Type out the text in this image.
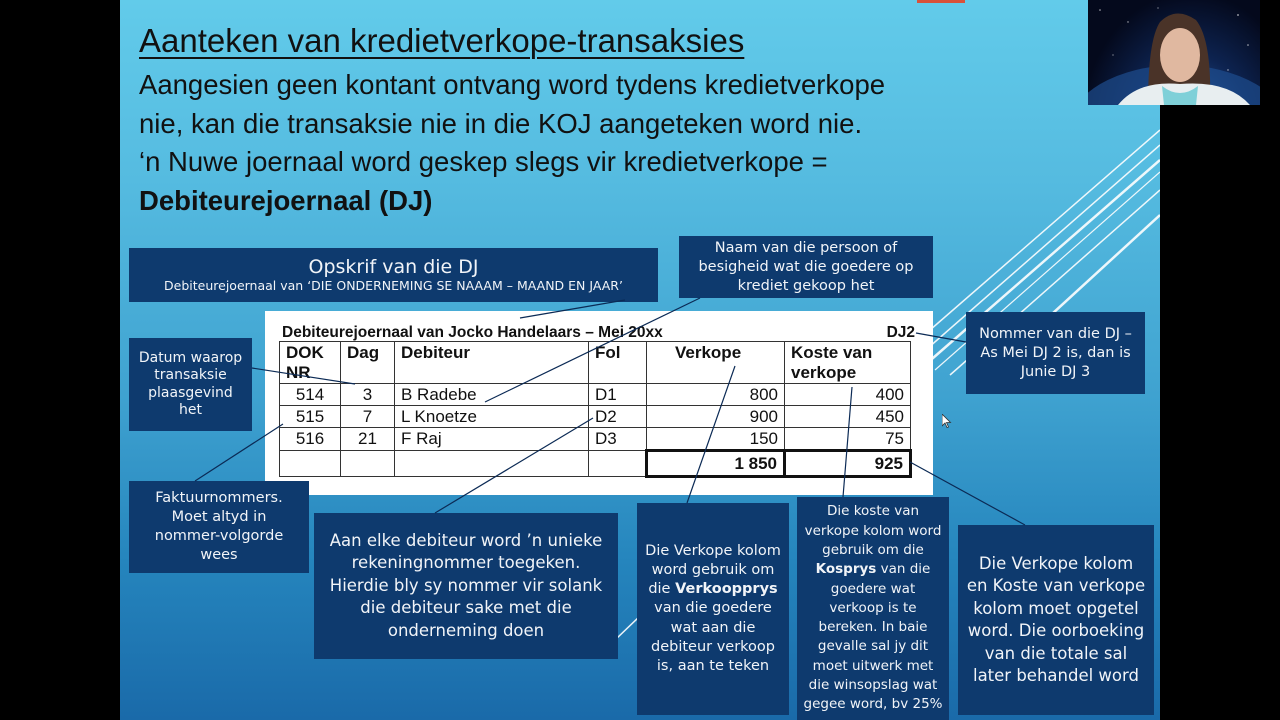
Aanteken van kredietverkope-transaksies
Aangesien geen kontant ontvang word tydens kredietverkope
nie, kan die transaksie nie in die KOJ aangeteken word nie.
‘n Nuwe joernaal word geskep slegs vir kredietverkope =
Debiteurejoernaal (DJ)
Opskrif van die DJ
Debiteurejoernaal van ‘DIE ONDERNEMING SE NAAAM – MAAND EN JAAR’
Naam van die persoon of besigheid wat die goedere op krediet gekoop het
Nommer van die DJ – As Mei DJ 2 is, dan is Junie DJ 3
Datum waarop transaksie plaasgevind het
Debiteurejoernaal van Jocko Handelaars – Mei 20xx	DJ2
DOK NR	Dag	Debiteur	Fol	Verkope	Koste van verkope
514	3	B Radebe	D1	800	400
515	7	L Knoetze	D2	900	450
516	21	F Raj	D3	150	75
				1 850	925
Faktuurnommers. Moet altyd in nommer-volgorde wees
Aan elke debiteur word ’n unieke rekeningnommer toegeken. Hierdie bly sy nommer vir solank die debiteur sake met die onderneming doen
Die Verkope kolom word gebruik om die Verkoopprys van die goedere wat aan die debiteur verkoop is, aan te teken
Die koste van verkope kolom word gebruik om die Kosprys van die goedere wat verkoop is te bereken. In baie gevalle sal jy dit moet uitwerk met die winsopslag wat gegee word, bv 25%
Die Verkope kolom en Koste van verkope kolom moet opgetel word. Die oorboeking van die totale sal later behandel word
